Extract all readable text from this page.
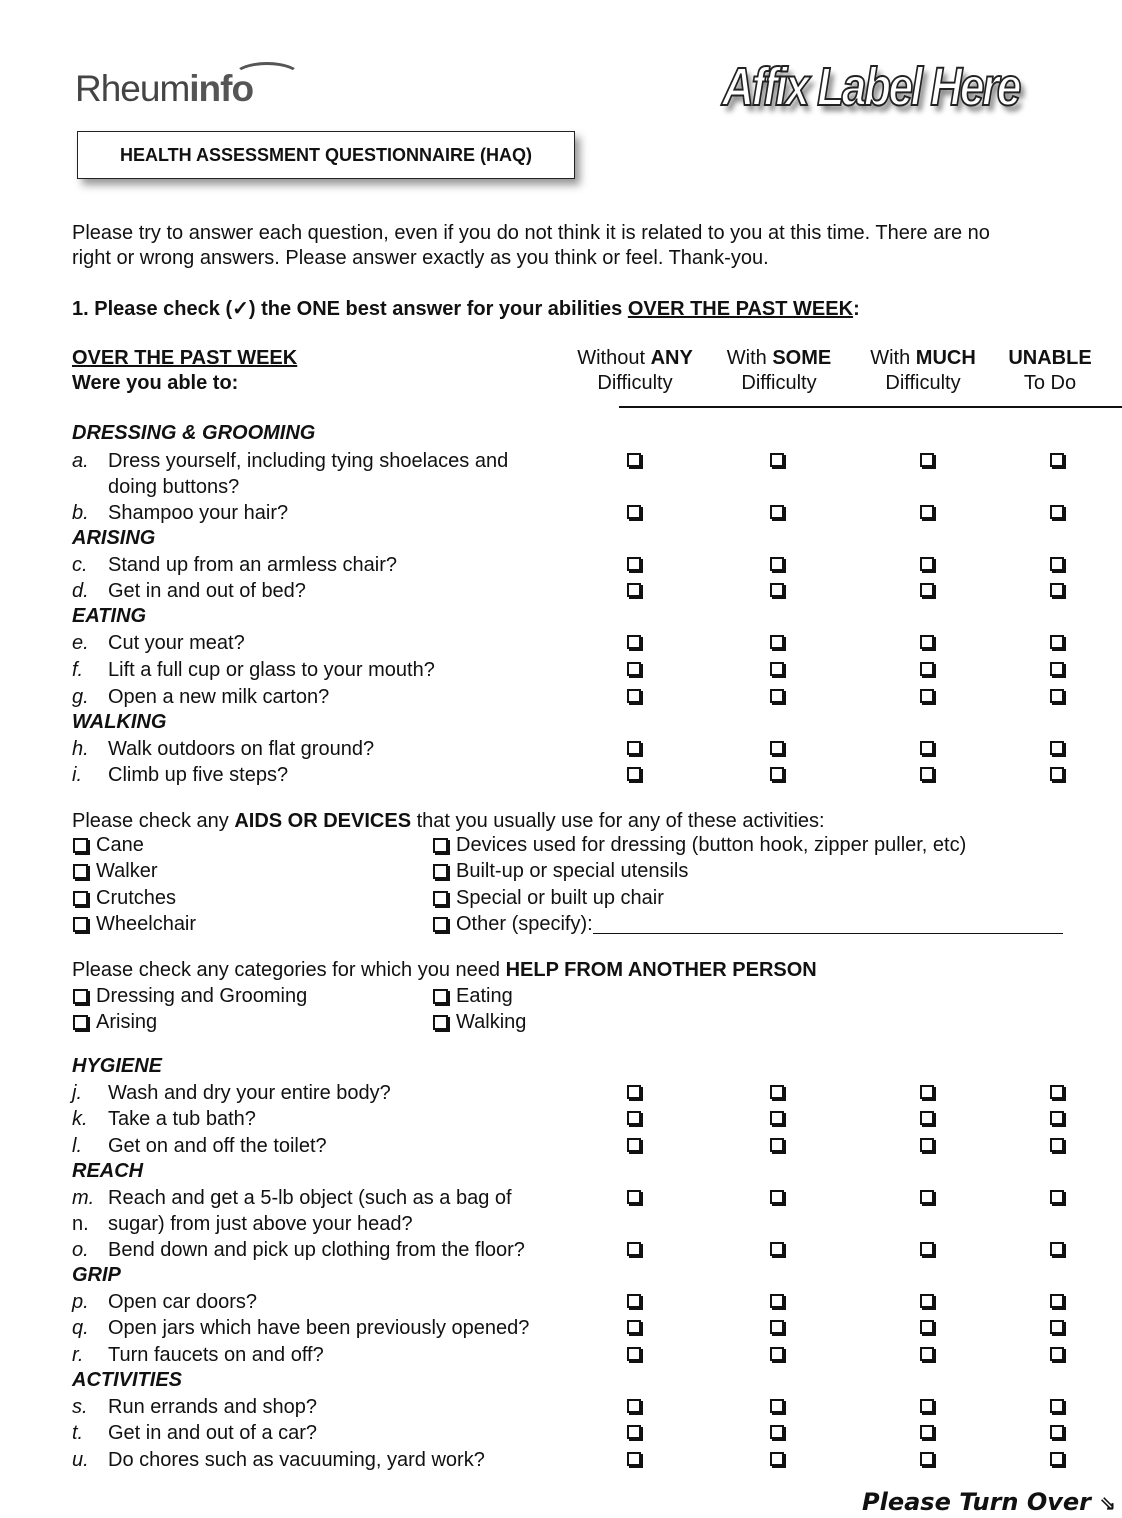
Rheuminfo	Affix Label Here
HEALTH ASSESSMENT QUESTIONNAIRE (HAQ)
Please try to answer each question, even if you do not think it is related to you at this time. There are no
right or wrong answers. Please answer exactly as you think or feel. Thank-you.
1. Please check (✓) the ONE best answer for your abilities OVER THE PAST WEEK:
OVER THE PAST WEEK
Were you able to:
Without ANY
Difficulty
With SOME
Difficulty
With MUCH
Difficulty
UNABLE
To Do
DRESSING & GROOMING
ARISING
EATING
WALKING
HYGIENE
REACH
GRIP
ACTIVITIES
a. Dress yourself, including tying shoelaces and
doing buttons?
b. Shampoo your hair?
c. Stand up from an armless chair?
d. Get in and out of bed?
e. Cut your meat?
f. Lift a full cup or glass to your mouth?
g. Open a new milk carton?
h. Walk outdoors on flat ground?
i. Climb up five steps?
j. Wash and dry your entire body?
k. Take a tub bath?
l. Get on and off the toilet?
m. Reach and get a 5-lb object (such as a bag of
sugar) from just above your head?
n.
o. Bend down and pick up clothing from the floor?
p. Open car doors?
q. Open jars which have been previously opened?
r. Turn faucets on and off?
s. Run errands and shop?
t. Get in and out of a car?
u. Do chores such as vacuuming, yard work?
Please check any AIDS OR DEVICES that you usually use for any of these activities:
Cane
Walker
Crutches
Wheelchair
Devices used for dressing (button hook, zipper puller, etc)
Built-up or special utensils
Special or built up chair
Other (specify):
Please check any categories for which you need HELP FROM ANOTHER PERSON
Dressing and Grooming
Arising
Eating
Walking
Please Turn Over ⇘
